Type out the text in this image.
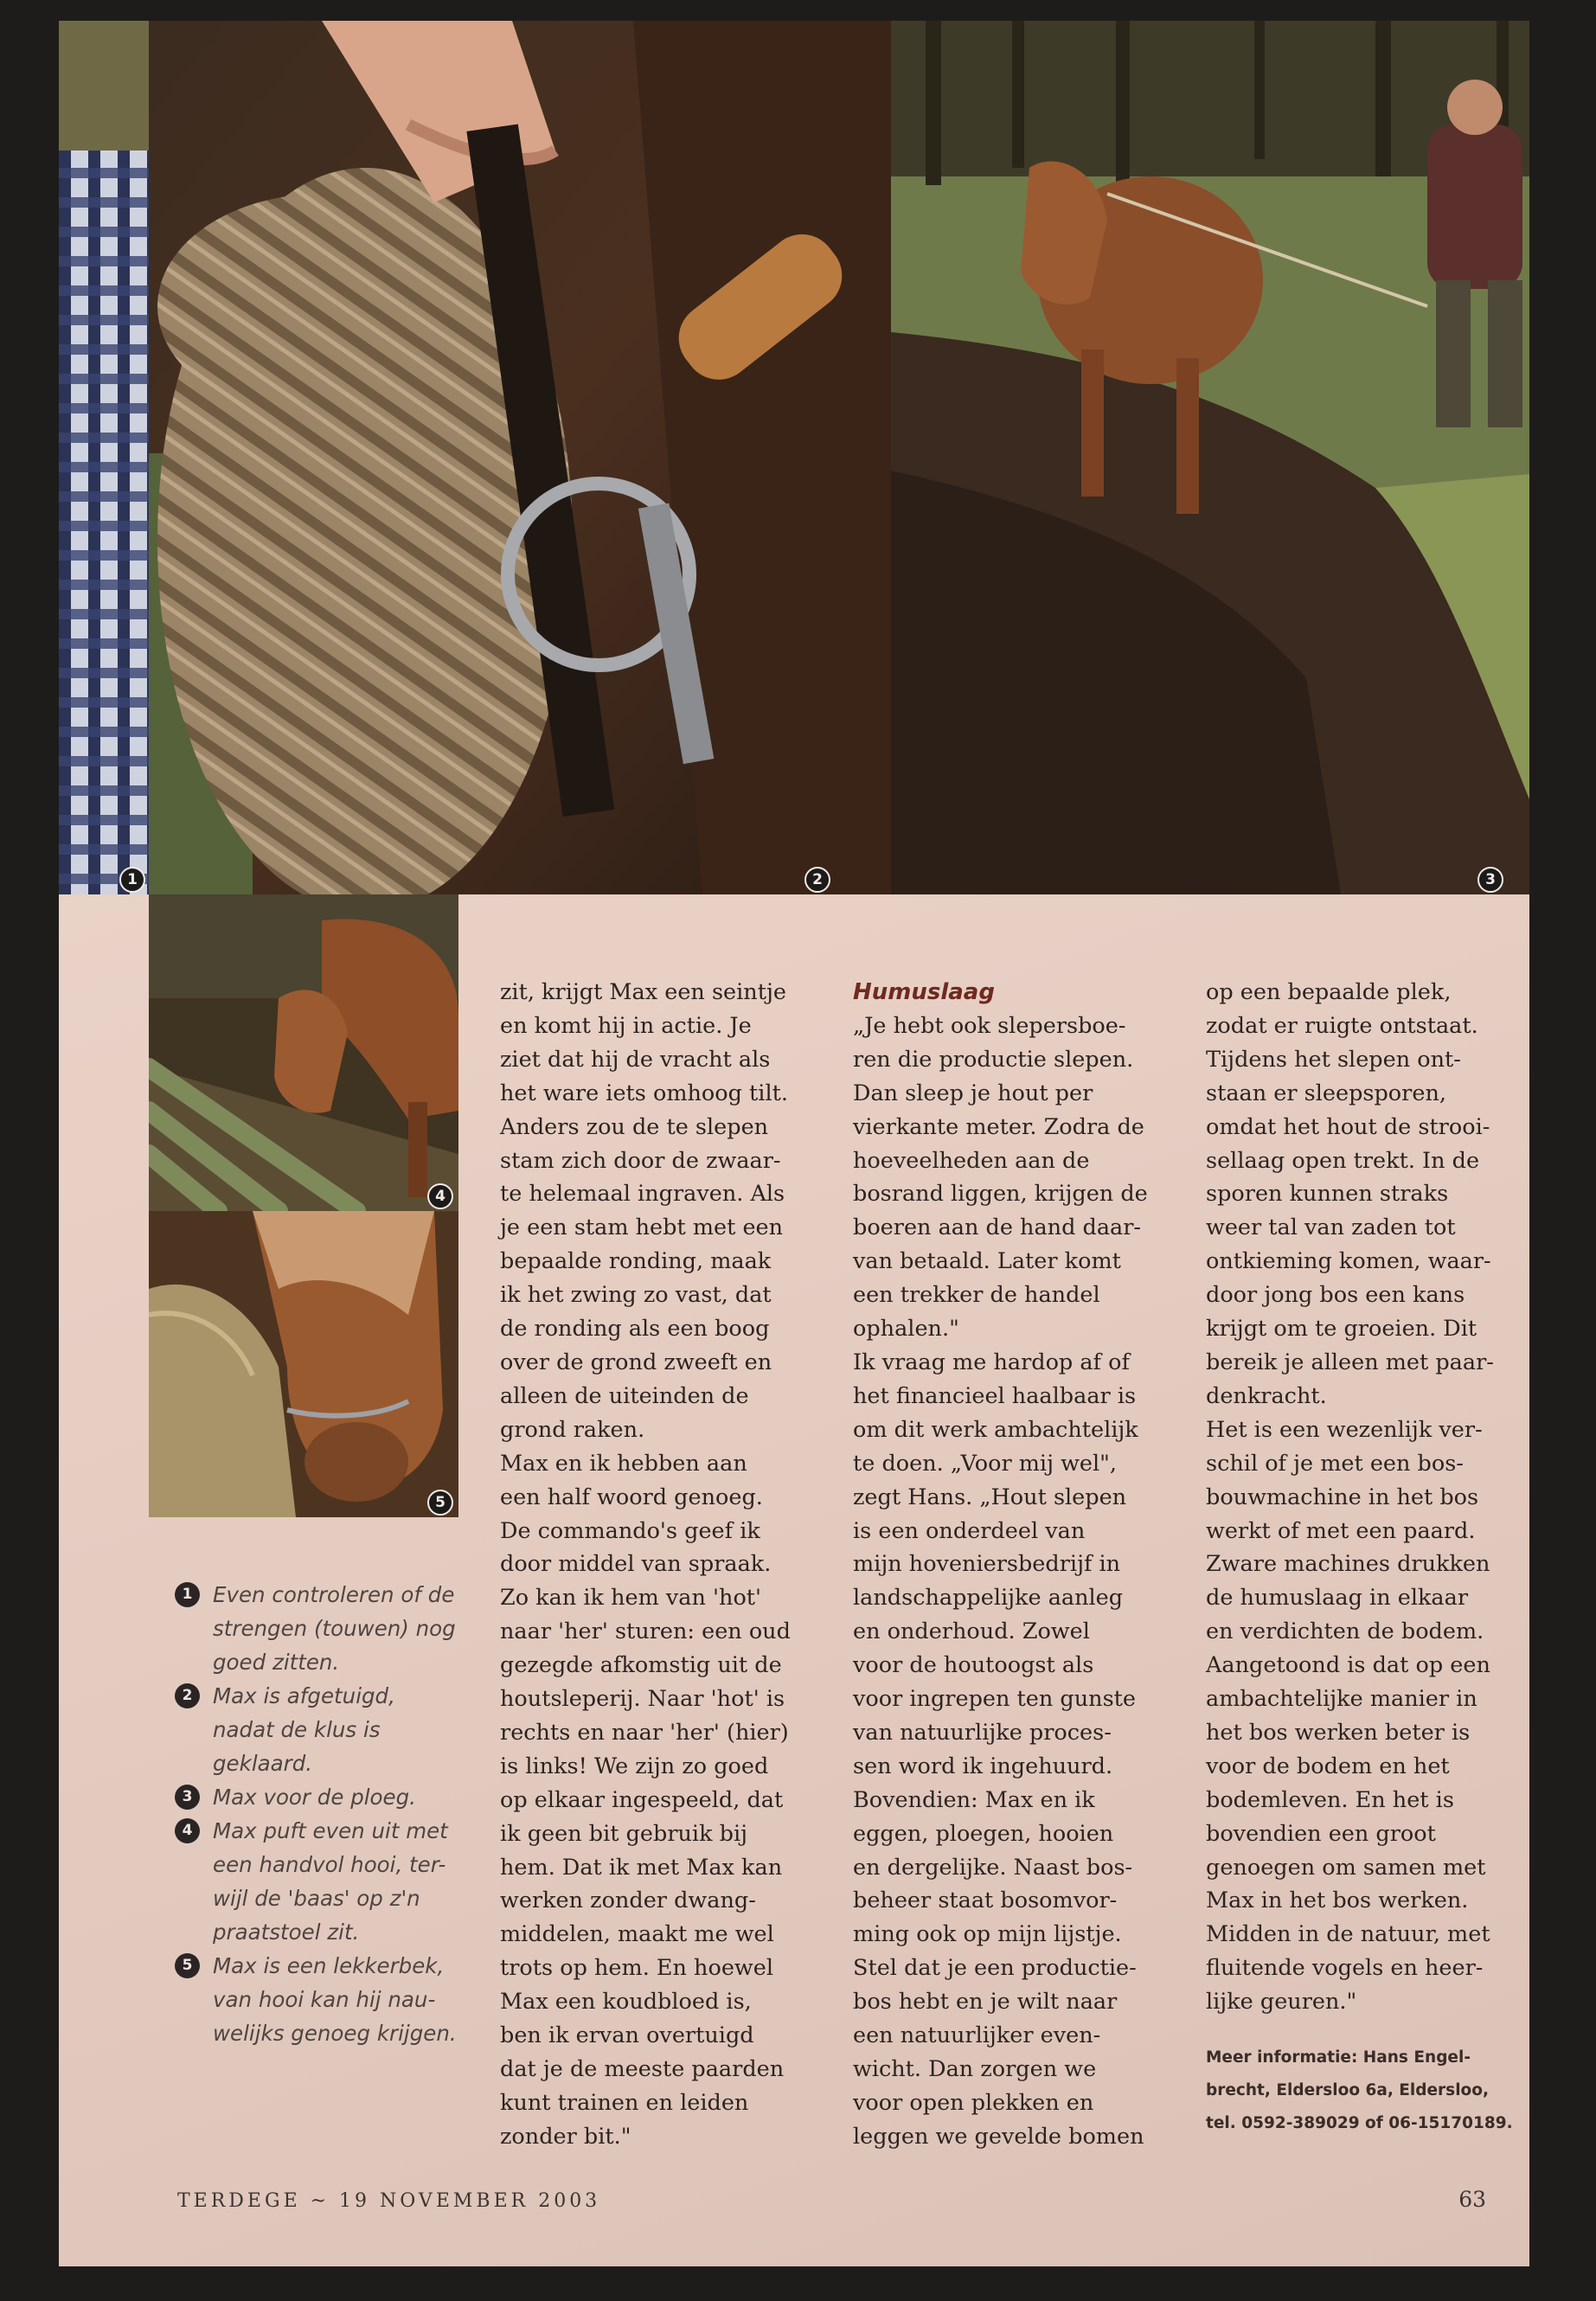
1	2	3
4
5
1 Even controleren of de
strengen (touwen) nog
goed zitten.
2 Max is afgetuigd,
nadat de klus is
geklaard.
3 Max voor de ploeg.
4 Max puft even uit met
een handvol hooi, ter-
wijl de 'baas' op z'n
praatstoel zit.
5 Max is een lekkerbek,
van hooi kan hij nau-
welijks genoeg krijgen.

zit, krijgt Max een seintje

en komt hij in actie. Je

ziet dat hij de vracht als

het ware iets omhoog tilt.

Anders zou de te slepen

stam zich door de zwaar-

te helemaal ingraven. Als

je een stam hebt met een

bepaalde ronding, maak

ik het zwing zo vast, dat

de ronding als een boog

over de grond zweeft en

alleen de uiteinden de

grond raken.

Max en ik hebben aan

een half woord genoeg.

De commando's geef ik

door middel van spraak.

Zo kan ik hem van 'hot'

naar 'her' sturen: een oud

gezegde afkomstig uit de

houtsleperij. Naar 'hot' is

rechts en naar 'her' (hier)

is links! We zijn zo goed

op elkaar ingespeeld, dat

ik geen bit gebruik bij

hem. Dat ik met Max kan

werken zonder dwang-

middelen, maakt me wel

trots op hem. En hoewel

Max een koudbloed is,

ben ik ervan overtuigd

dat je de meeste paarden

kunt trainen en leiden

zonder bit."

Humuslaag

„Je hebt ook slepersboe-

ren die productie slepen.

Dan sleep je hout per

vierkante meter. Zodra de

hoeveelheden aan de

bosrand liggen, krijgen de

boeren aan de hand daar-

van betaald. Later komt

een trekker de handel

ophalen."

Ik vraag me hardop af of

het financieel haalbaar is

om dit werk ambachtelijk

te doen. „Voor mij wel",

zegt Hans. „Hout slepen

is een onderdeel van

mijn hoveniersbedrijf in

landschappelijke aanleg

en onderhoud. Zowel

voor de houtoogst als

voor ingrepen ten gunste

van natuurlijke proces-

sen word ik ingehuurd.

Bovendien: Max en ik

eggen, ploegen, hooien

en dergelijke. Naast bos-

beheer staat bosomvor-

ming ook op mijn lijstje.

Stel dat je een productie-

bos hebt en je wilt naar

een natuurlijker even-

wicht. Dan zorgen we

voor open plekken en

leggen we gevelde bomen

op een bepaalde plek,

zodat er ruigte ontstaat.

Tijdens het slepen ont-

staan er sleepsporen,

omdat het hout de strooi-

sellaag open trekt. In de

sporen kunnen straks

weer tal van zaden tot

ontkieming komen, waar-

door jong bos een kans

krijgt om te groeien. Dit

bereik je alleen met paar-

denkracht.

Het is een wezenlijk ver-

schil of je met een bos-

bouwmachine in het bos

werkt of met een paard.

Zware machines drukken

de humuslaag in elkaar

en verdichten de bodem.

Aangetoond is dat op een

ambachtelijke manier in

het bos werken beter is

voor de bodem en het

bodemleven. En het is

bovendien een groot

genoegen om samen met

Max in het bos werken.

Midden in de natuur, met

fluitende vogels en heer-

lijke geuren."

Meer informatie: Hans Engel-
brecht, Eldersloo 6a, Eldersloo,
tel. 0592-389029 of 06-15170189.

TERDEGE ~ 19 NOVEMBER 2003	63
